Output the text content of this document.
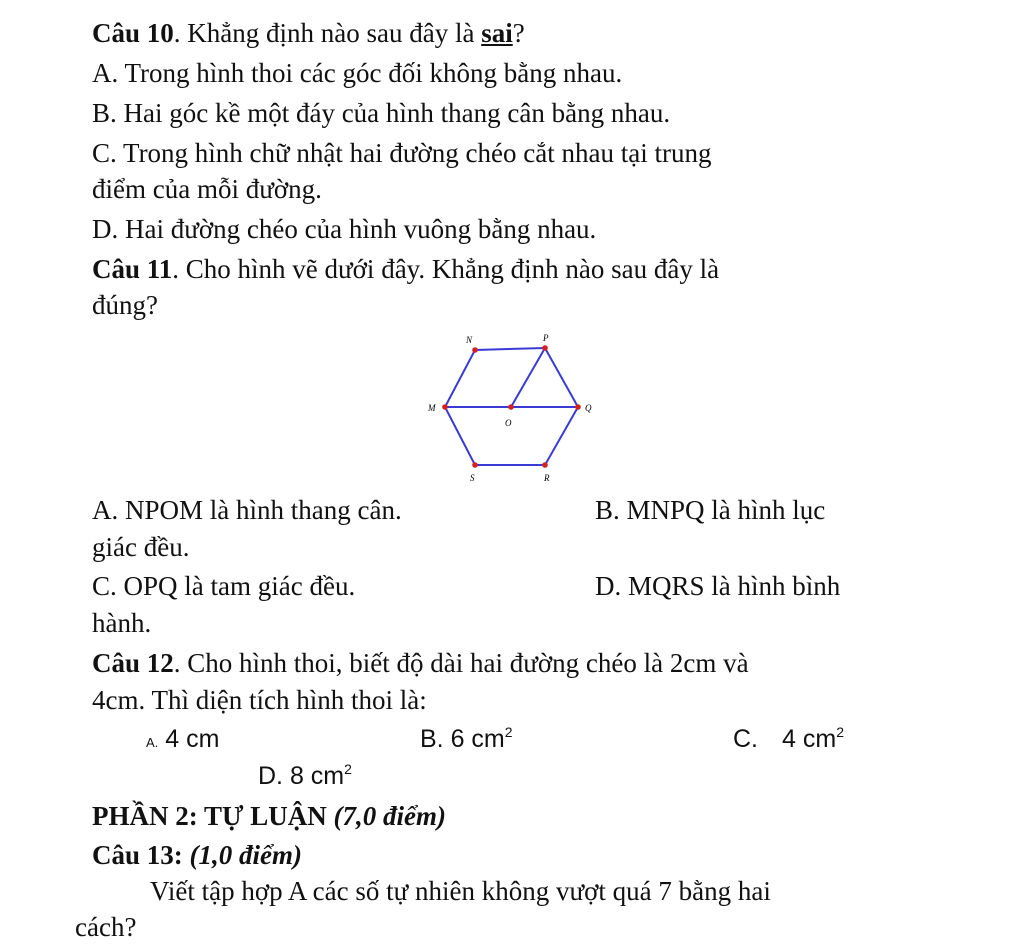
Câu 10. Khẳng định nào sau đây là sai?
A. Trong hình thoi các góc đối không bằng nhau.
B. Hai góc kề một đáy của hình thang cân bằng nhau.
C. Trong hình chữ nhật hai đường chéo cắt nhau tại trung
điểm của mỗi đường.
D. Hai đường chéo của hình vuông bằng nhau.
Câu 11. Cho hình vẽ dưới đây. Khẳng định nào sau đây là
đúng?
N	P
M
O
Q
S	R
A. NPOM là hình thang cân.	B. MNPQ là hình lục
giác đều.
C. OPQ là tam giác đều.	D. MQRS là hình bình
hành.
Câu 12. Cho hình thoi, biết độ dài hai đường chéo là 2cm và
4cm. Thì diện tích hình thoi là:
A. 4 cm	B. 6 $cm^2$	C. 4 $cm^2$
D. 8 $cm^2$
PHẦN 2: TỰ LUẬN (7,0 điểm)
Câu 13: (1,0 điểm)
Viết tập hợp A các số tự nhiên không vượt quá 7 bằng hai
cách?
